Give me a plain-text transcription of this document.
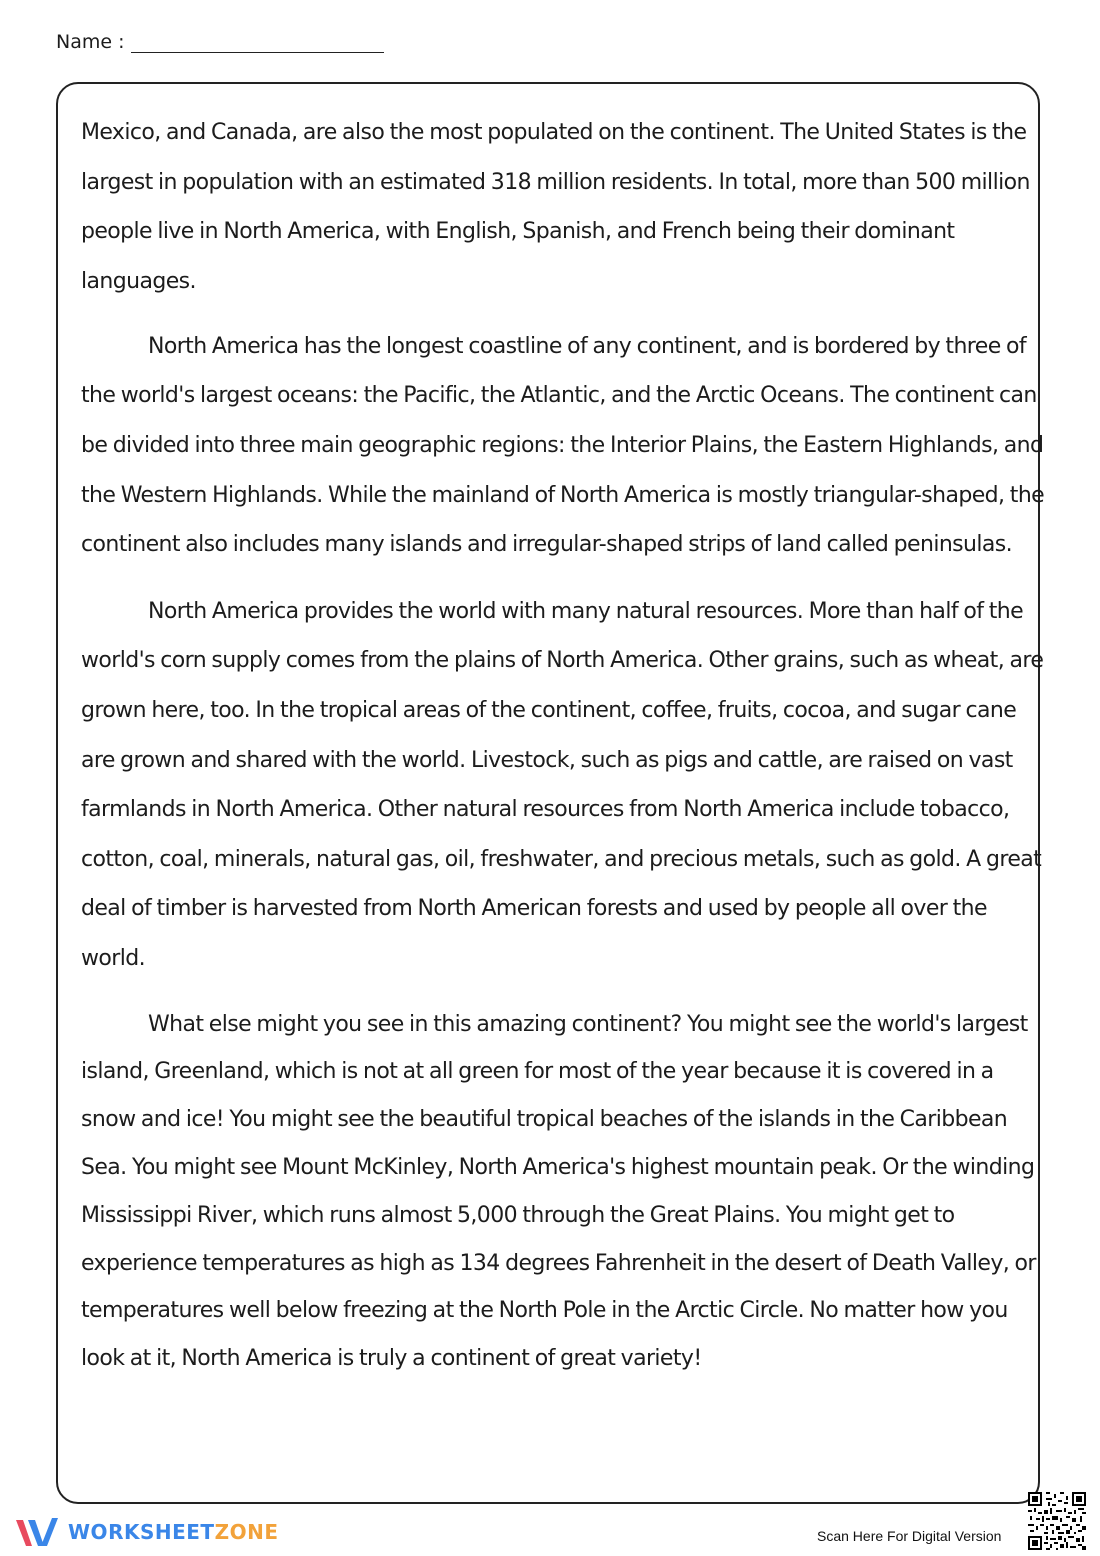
Name :

Mexico, and Canada, are also the most populated on the continent. The United States is the largest in population with an estimated 318 million residents. In total, more than 500 million people live in North America, with English, Spanish, and French being their dominant languages.

North America has the longest coastline of any continent, and is bordered by three of the world's largest oceans: the Pacific, the Atlantic, and the Arctic Oceans. The continent can be divided into three main geographic regions: the Interior Plains, the Eastern Highlands, and the Western Highlands. While the mainland of North America is mostly triangular-shaped, the continent also includes many islands and irregular-shaped strips of land called peninsulas.

North America provides the world with many natural resources. More than half of the world's corn supply comes from the plains of North America. Other grains, such as wheat, are grown here, too. In the tropical areas of the continent, coffee, fruits, cocoa, and sugar cane are grown and shared with the world. Livestock, such as pigs and cattle, are raised on vast farmlands in North America. Other natural resources from North America include tobacco, cotton, coal, minerals, natural gas, oil, freshwater, and precious metals, such as gold. A great deal of timber is harvested from North American forests and used by people all over the world.

What else might you see in this amazing continent? You might see the world's largest island, Greenland, which is not at all green for most of the year because it is covered in a snow and ice! You might see the beautiful tropical beaches of the islands in the Caribbean Sea. You might see Mount McKinley, North America's highest mountain peak. Or the winding Mississippi River, which runs almost 5,000 through the Great Plains. You might get to experience temperatures as high as 134 degrees Fahrenheit in the desert of Death Valley, or temperatures well below freezing at the North Pole in the Arctic Circle. No matter how you look at it, North America is truly a continent of great variety!

WORKSHEETZONE	Scan Here For Digital Version
